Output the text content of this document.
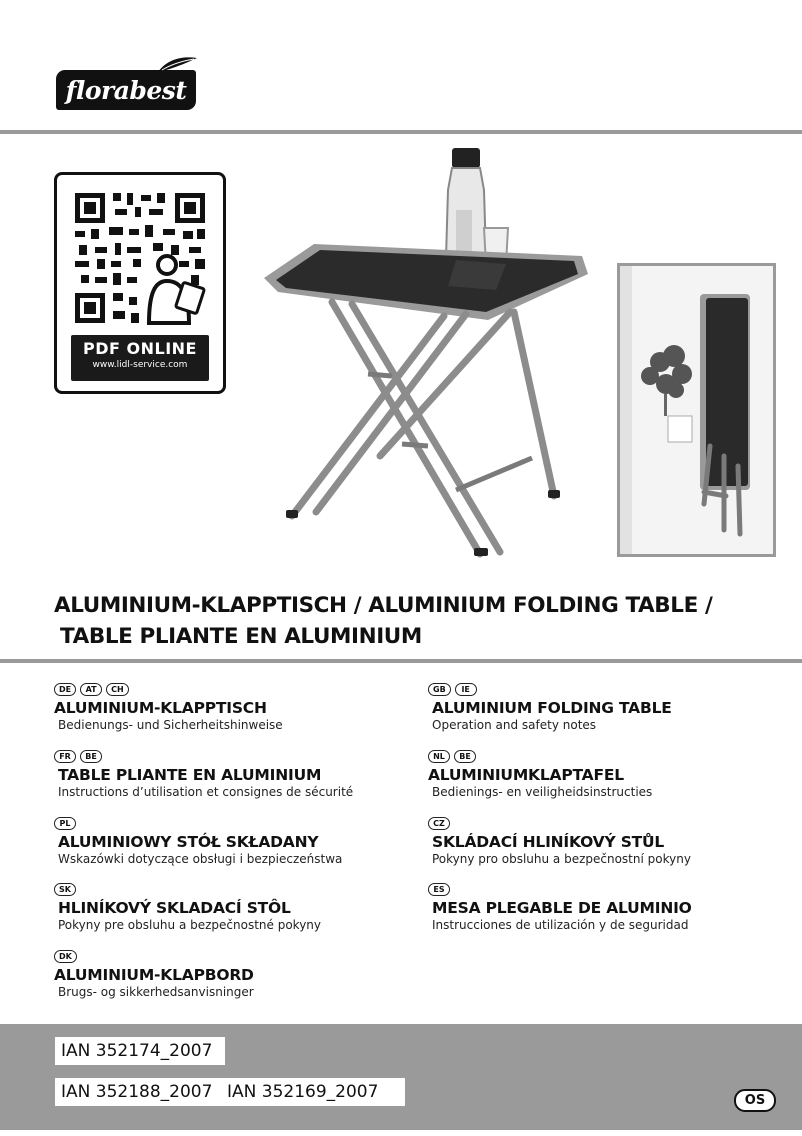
florabest
PDF ONLINE
www.lidl-service.com
ALUMINIUM-KLAPPTISCH / ALUMINIUM FOLDING TABLE /
TABLE PLIANTE EN ALUMINIUM
DE	AT	CH
ALUMINIUM-KLAPPTISCH
Bedienungs- und Sicherheitshinweise
GB	IE
ALUMINIUM FOLDING TABLE
Operation and safety notes
FR	BE
TABLE PLIANTE EN ALUMINIUM
Instructions d’utilisation et consignes de sécurité
NL	BE
ALUMINIUMKLAPTAFEL
Bedienings- en veiligheidsinstructies
PL
ALUMINIOWY STÓŁ SKŁADANY
Wskazówki dotyczące obsługi i bezpieczeństwa
CZ
SKLÁDACÍ HLINÍKOVÝ STŮL
Pokyny pro obsluhu a bezpečnostní pokyny
SK
HLINÍKOVÝ SKLADACÍ STÔL
Pokyny pre obsluhu a bezpečnostné pokyny
ES
MESA PLEGABLE DE ALUMINIO
Instrucciones de utilización y de seguridad
DK
ALUMINIUM-KLAPBORD
Brugs- og sikkerhedsanvisninger
IAN 352174_2007
IAN 352188_2007 IAN 352169_2007	OS
